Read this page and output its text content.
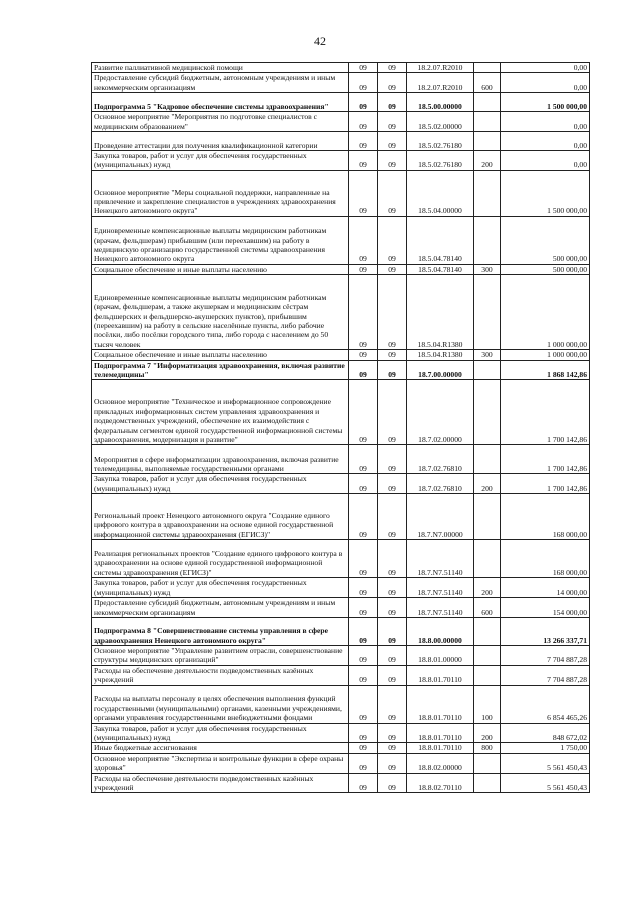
42
Развитие паллиативной медицинской помощи	09	09	18.2.07.R2010		0,00
Предоставление субсидий бюджетным, автономным учреждениям и иным некоммерческим организациям	09	09	18.2.07.R2010	600	0,00
Подпрограмма 5 "Кадровое обеспечение системы здравоохранения"	09	09	18.5.00.00000		1 500 000,00
Основное мероприятие "Мероприятия по подготовке специалистов с медицинским образованием"	09	09	18.5.02.00000		0,00
Проведение аттестации для получения квалификационной категории	09	09	18.5.02.76180		0,00
Закупка товаров, работ и услуг для обеспечения государственных (муниципальных) нужд	09	09	18.5.02.76180	200	0,00
Основное мероприятие "Меры социальной поддержки, направленные на привлечение и закрепление специалистов в учреждениях здравоохранения Ненецкого автономного округа"	09	09	18.5.04.00000		1 500 000,00
Единовременные компенсационные выплаты медицинским работникам (врачам, фельдшерам) прибывшим (или переехавшим) на работу в медицинскую организацию государственной системы здравоохранения Ненецкого автономного округа	09	09	18.5.04.78140		500 000,00
Социальное обеспечение и иные выплаты населению	09	09	18.5.04.78140	300	500 000,00
Единовременные компенсационные выплаты медицинским работникам (врачам, фельдшерам, а также акушеркам и медицинским сёстрам фельдшерских и фельдшерско-акушерских пунктов), прибывшим (переехавшим) на работу в сельские населённые пункты, либо рабочие посёлки, либо посёлки городского типа, либо города с населением до 50 тысяч человек	09	09	18.5.04.R1380		1 000 000,00
Социальное обеспечение и иные выплаты населению	09	09	18.5.04.R1380	300	1 000 000,00
Подпрограмма 7 "Информатизация здравоохранения, включая развитие телемедицины"	09	09	18.7.00.00000		1 868 142,86
Основное мероприятие "Техническое и информационное сопровождение прикладных информационных систем управления здравоохранения и подведомственных учреждений, обеспечение их взаимодействия с федеральным сегментом единой государственной информационной системы здравоохранения, модернизация и развитие"	09	09	18.7.02.00000		1 700 142,86
Мероприятия в сфере информатизации здравоохранения, включая развитие телемедицины, выполняемые государственными органами	09	09	18.7.02.76810		1 700 142,86
Закупка товаров, работ и услуг для обеспечения государственных (муниципальных) нужд	09	09	18.7.02.76810	200	1 700 142,86
Региональный проект Ненецкого автономного округа "Создание единого цифрового контура в здравоохранении на основе единой государственной информационной системы здравоохранения (ЕГИСЗ)"	09	09	18.7.N7.00000		168 000,00
Реализация региональных проектов "Создание единого цифрового контура в здравоохранении на основе единой государственной информационной системы здравоохранения (ЕГИСЗ)"	09	09	18.7.N7.51140		168 000,00
Закупка товаров, работ и услуг для обеспечения государственных (муниципальных) нужд	09	09	18.7.N7.51140	200	14 000,00
Предоставление субсидий бюджетным, автономным учреждениям и иным некоммерческим организациям	09	09	18.7.N7.51140	600	154 000,00
Подпрограмма 8 "Совершенствование системы управления в сфере здравоохранения Ненецкого автономного округа"	09	09	18.8.00.00000		13 266 337,71
Основное мероприятие "Управление развитием отрасли, совершенствование структуры медицинских организаций"	09	09	18.8.01.00000		7 704 887,28
Расходы на обеспечение деятельности подведомственных казённых учреждений	09	09	18.8.01.70110		7 704 887,28
Расходы на выплаты персоналу в целях обеспечения выполнения функций государственными (муниципальными) органами, казенными учреждениями, органами управления государственными внебюджетными фондами	09	09	18.8.01.70110	100	6 854 465,26
Закупка товаров, работ и услуг для обеспечения государственных (муниципальных) нужд	09	09	18.8.01.70110	200	848 672,02
Иные бюджетные ассигнования	09	09	18.8.01.70110	800	1 750,00
Основное мероприятие "Экспертиза и контрольные функции в сфере охраны здоровья"	09	09	18.8.02.00000		5 561 450,43
Расходы на обеспечение деятельности подведомственных казённых учреждений	09	09	18.8.02.70110		5 561 450,43
